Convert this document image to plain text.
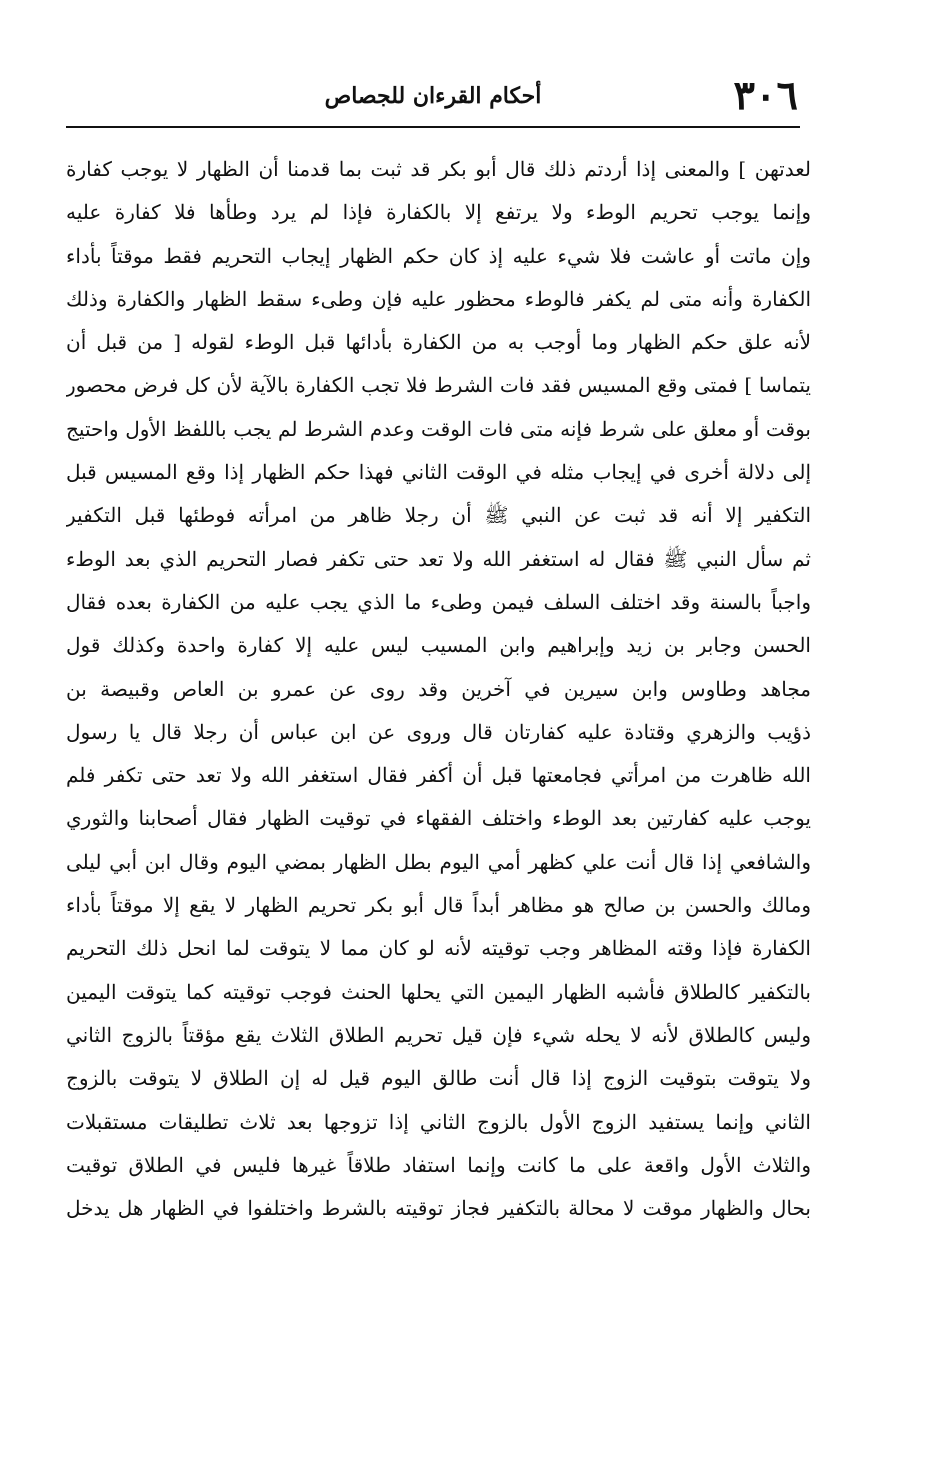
٣٠٦
أحكام القرءان للجصاص
لعدتهن ] والمعنى إذا أردتم ذلك قال أبو بكر قد ثبت بما قدمنا أن الظهار لا يوجب كفارة
وإنما يوجب تحريم الوطء ولا يرتفع إلا بالكفارة فإذا لم يرد وطأها فلا كفارة عليه
وإن ماتت أو عاشت فلا شيء عليه إذ كان حكم الظهار إيجاب التحريم فقط موقتاً بأداء
الكفارة وأنه متى لم يكفر فالوطء محظور عليه فإن وطىء سقط الظهار والكفارة وذلك
لأنه علق حكم الظهار وما أوجب به من الكفارة بأدائها قبل الوطء لقوله [ من قبل أن
يتماسا ] فمتى وقع المسيس فقد فات الشرط فلا تجب الكفارة بالآية لأن كل فرض محصور
بوقت أو معلق على شرط فإنه متى فات الوقت وعدم الشرط لم يجب باللفظ الأول واحتيج
إلى دلالة أخرى في إيجاب مثله في الوقت الثاني فهذا حكم الظهار إذا وقع المسيس قبل
التكفير إلا أنه قد ثبت عن النبي ﷺ أن رجلا ظاهر من امرأته فوطئها قبل التكفير
ثم سأل النبي ﷺ فقال له استغفر الله ولا تعد حتى تكفر فصار التحريم الذي بعد الوطء
واجباً بالسنة وقد اختلف السلف فيمن وطىء ما الذي يجب عليه من الكفارة بعده فقال
الحسن وجابر بن زيد وإبراهيم وابن المسيب ليس عليه إلا كفارة واحدة وكذلك قول
مجاهد وطاوس وابن سيرين في آخرين وقد روى عن عمرو بن العاص وقبيصة بن
ذؤيب والزهري وقتادة عليه كفارتان قال وروى عن ابن عباس أن رجلا قال يا رسول
الله ظاهرت من امرأتي فجامعتها قبل أن أكفر فقال استغفر الله ولا تعد حتى تكفر فلم
يوجب عليه كفارتين بعد الوطء واختلف الفقهاء في توقيت الظهار فقال أصحابنا والثوري
والشافعي إذا قال أنت علي كظهر أمي اليوم بطل الظهار بمضي اليوم وقال ابن أبي ليلى
ومالك والحسن بن صالح هو مظاهر أبداً قال أبو بكر تحريم الظهار لا يقع إلا موقتاً بأداء
الكفارة فإذا وقته المظاهر وجب توقيته لأنه لو كان مما لا يتوقت لما انحل ذلك التحريم
بالتكفير كالطلاق فأشبه الظهار اليمين التي يحلها الحنث فوجب توقيته كما يتوقت اليمين
وليس كالطلاق لأنه لا يحله شيء فإن قيل تحريم الطلاق الثلاث يقع مؤقتاً بالزوج الثاني
ولا يتوقت بتوقيت الزوج إذا قال أنت طالق اليوم قيل له إن الطلاق لا يتوقت بالزوج
الثاني وإنما يستفيد الزوج الأول بالزوج الثاني إذا تزوجها بعد ثلاث تطليقات مستقبلات
والثلاث الأول واقعة على ما كانت وإنما استفاد طلاقاً غيرها فليس في الطلاق توقيت
بحال والظهار موقت لا محالة بالتكفير فجاز توقيته بالشرط واختلفوا في الظهار هل يدخل
